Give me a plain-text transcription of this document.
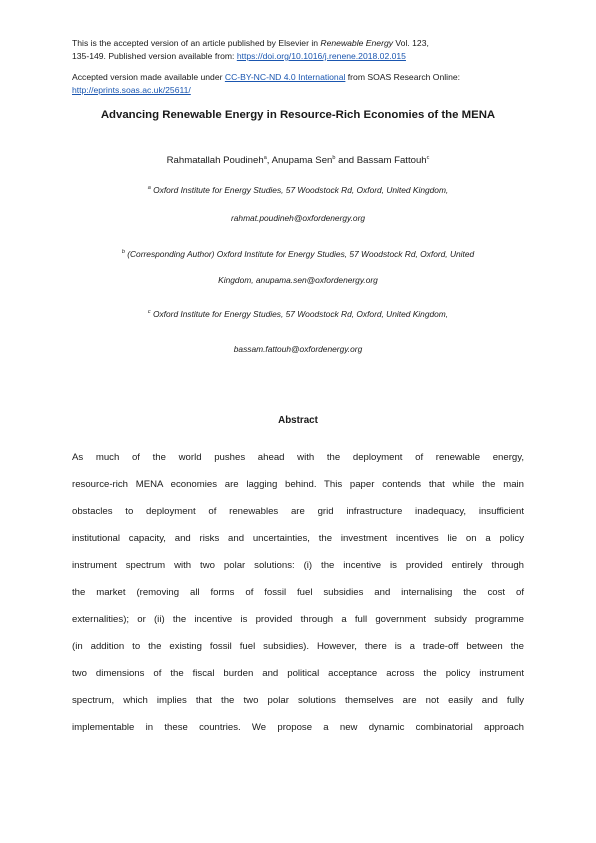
This is the accepted version of an article published by Elsevier in Renewable Energy Vol. 123,
135-149. Published version available from: https://doi.org/10.1016/j.renene.2018.02.015
Accepted version made available under CC-BY-NC-ND 4.0 International from SOAS Research Online:
http://eprints.soas.ac.uk/25611/
Advancing Renewable Energy in Resource-Rich Economies of the MENA
Rahmatallah Poudineh$^a$, Anupama Sen$^b$ and Bassam Fattouh$^c$
$^a$ Oxford Institute for Energy Studies, 57 Woodstock Rd, Oxford, United Kingdom,
rahmat.poudineh@oxfordenergy.org
$^b$ (Corresponding Author) Oxford Institute for Energy Studies, 57 Woodstock Rd, Oxford, United
Kingdom, anupama.sen@oxfordenergy.org
$^c$ Oxford Institute for Energy Studies, 57 Woodstock Rd, Oxford, United Kingdom,
bassam.fattouh@oxfordenergy.org
Abstract
As much of the world pushes ahead with the deployment of renewable energy,
resource-rich MENA economies are lagging behind. This paper contends that while the main
obstacles to deployment of renewables are grid infrastructure inadequacy, insufficient
institutional capacity, and risks and uncertainties, the investment incentives lie on a policy
instrument spectrum with two polar solutions: (i) the incentive is provided entirely through
the market (removing all forms of fossil fuel subsidies and internalising the cost of
externalities); or (ii) the incentive is provided through a full government subsidy programme
(in addition to the existing fossil fuel subsidies). However, there is a trade-off between the
two dimensions of the fiscal burden and political acceptance across the policy instrument
spectrum, which implies that the two polar solutions themselves are not easily and fully
implementable in these countries. We propose a new dynamic combinatorial approach
